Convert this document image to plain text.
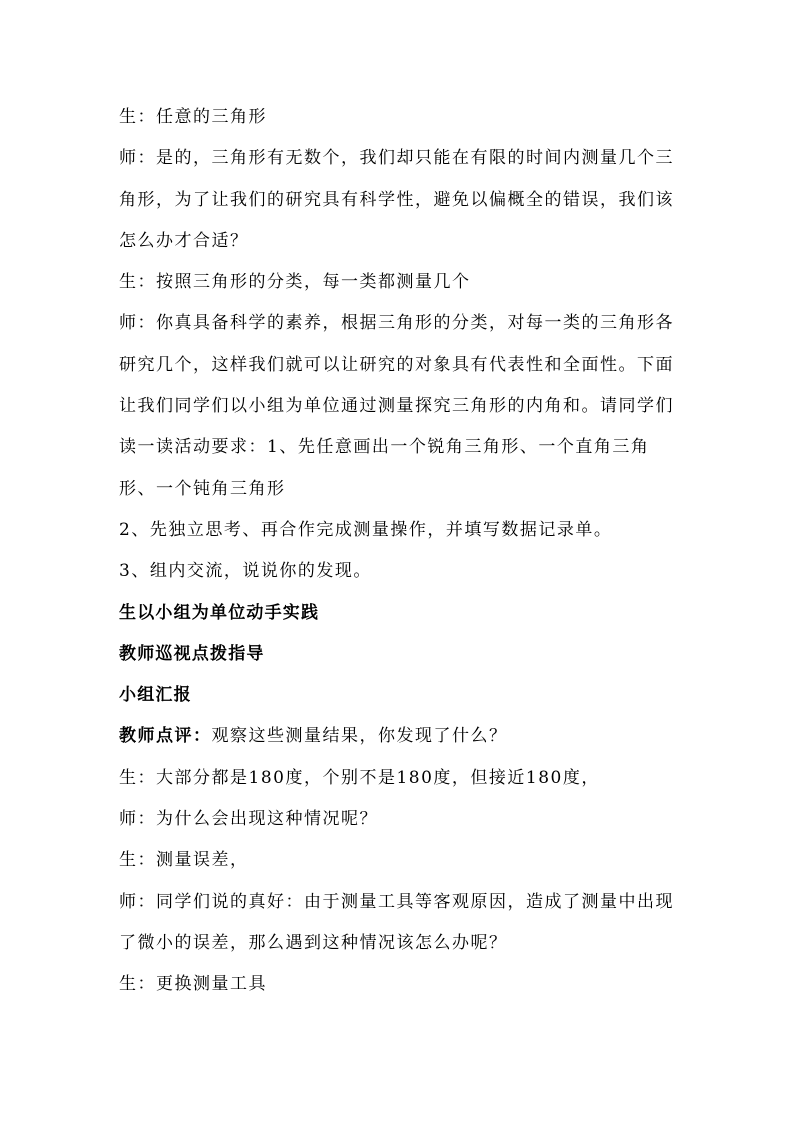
生：任意的三角形

师：是的，三角形有无数个，我们却只能在有限的时间内测量几个三角形，为了让我们的研究具有科学性，避免以偏概全的错误，我们该怎么办才合适？

生：按照三角形的分类，每一类都测量几个

师：你真具备科学的素养，根据三角形的分类，对每一类的三角形各研究几个，这样我们就可以让研究的对象具有代表性和全面性。下面让我们同学们以小组为单位通过测量探究三角形的内角和。请同学们读一读活动要求：1、先任意画出一个锐角三角形、一个直角三角形、一个钝角三角形

2、先独立思考、再合作完成测量操作，并填写数据记录单。

3、组内交流，说说你的发现。

生以小组为单位动手实践

教师巡视点拨指导

小组汇报

教师点评：观察这些测量结果，你发现了什么？

生：大部分都是180度，个别不是180度，但接近180度，

师：为什么会出现这种情况呢？

生：测量误差，

师：同学们说的真好：由于测量工具等客观原因，造成了测量中出现了微小的误差，那么遇到这种情况该怎么办呢？

生：更换测量工具
